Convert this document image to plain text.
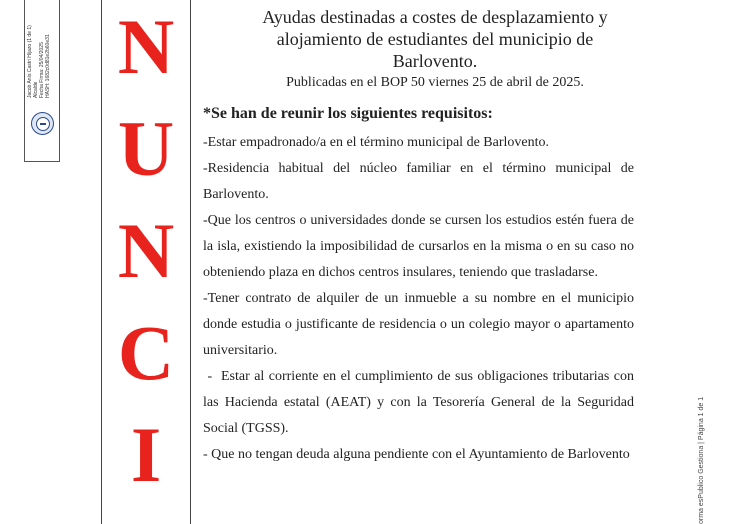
Jacob Anís Castri Hijazo (1 de 1) Alcalde Fecha Firma: 25/04/2025 HASH: 1682c0d81e2b60e31 N
U
N
C
I
Ayudas destinadas a costes de desplazamiento y
alojamiento de estudiantes del municipio de
Barlovento.
Publicadas en el BOP 50 viernes 25 de abril de 2025.
*Se han de reunir los siguientes requisitos:

-Estar empadronado/a en el término municipal de Barlovento.

-Residencia habitual del núcleo familiar en el término municipal de Barlovento.

-Que los centros o universidades donde se cursen los estudios estén fuera de la isla, existiendo la imposibilidad de cursarlos en la misma o en su caso no obteniendo plaza en dichos centros insulares, teniendo que trasladarse.

-Tener contrato de alquiler de un inmueble a su nombre en el municipio donde estudia o justificante de residencia o un colegio mayor o apartamento universitario.

-  Estar al corriente en el cumplimiento de sus obligaciones tributarias con las Hacienda estatal (AEAT) y con la Tesorería General de la Seguridad Social (TGSS).

- Que no tengan deuda alguna pendiente con el Ayuntamiento de Barlovento	orma esPublico Gestiona | Página 1 de 1
